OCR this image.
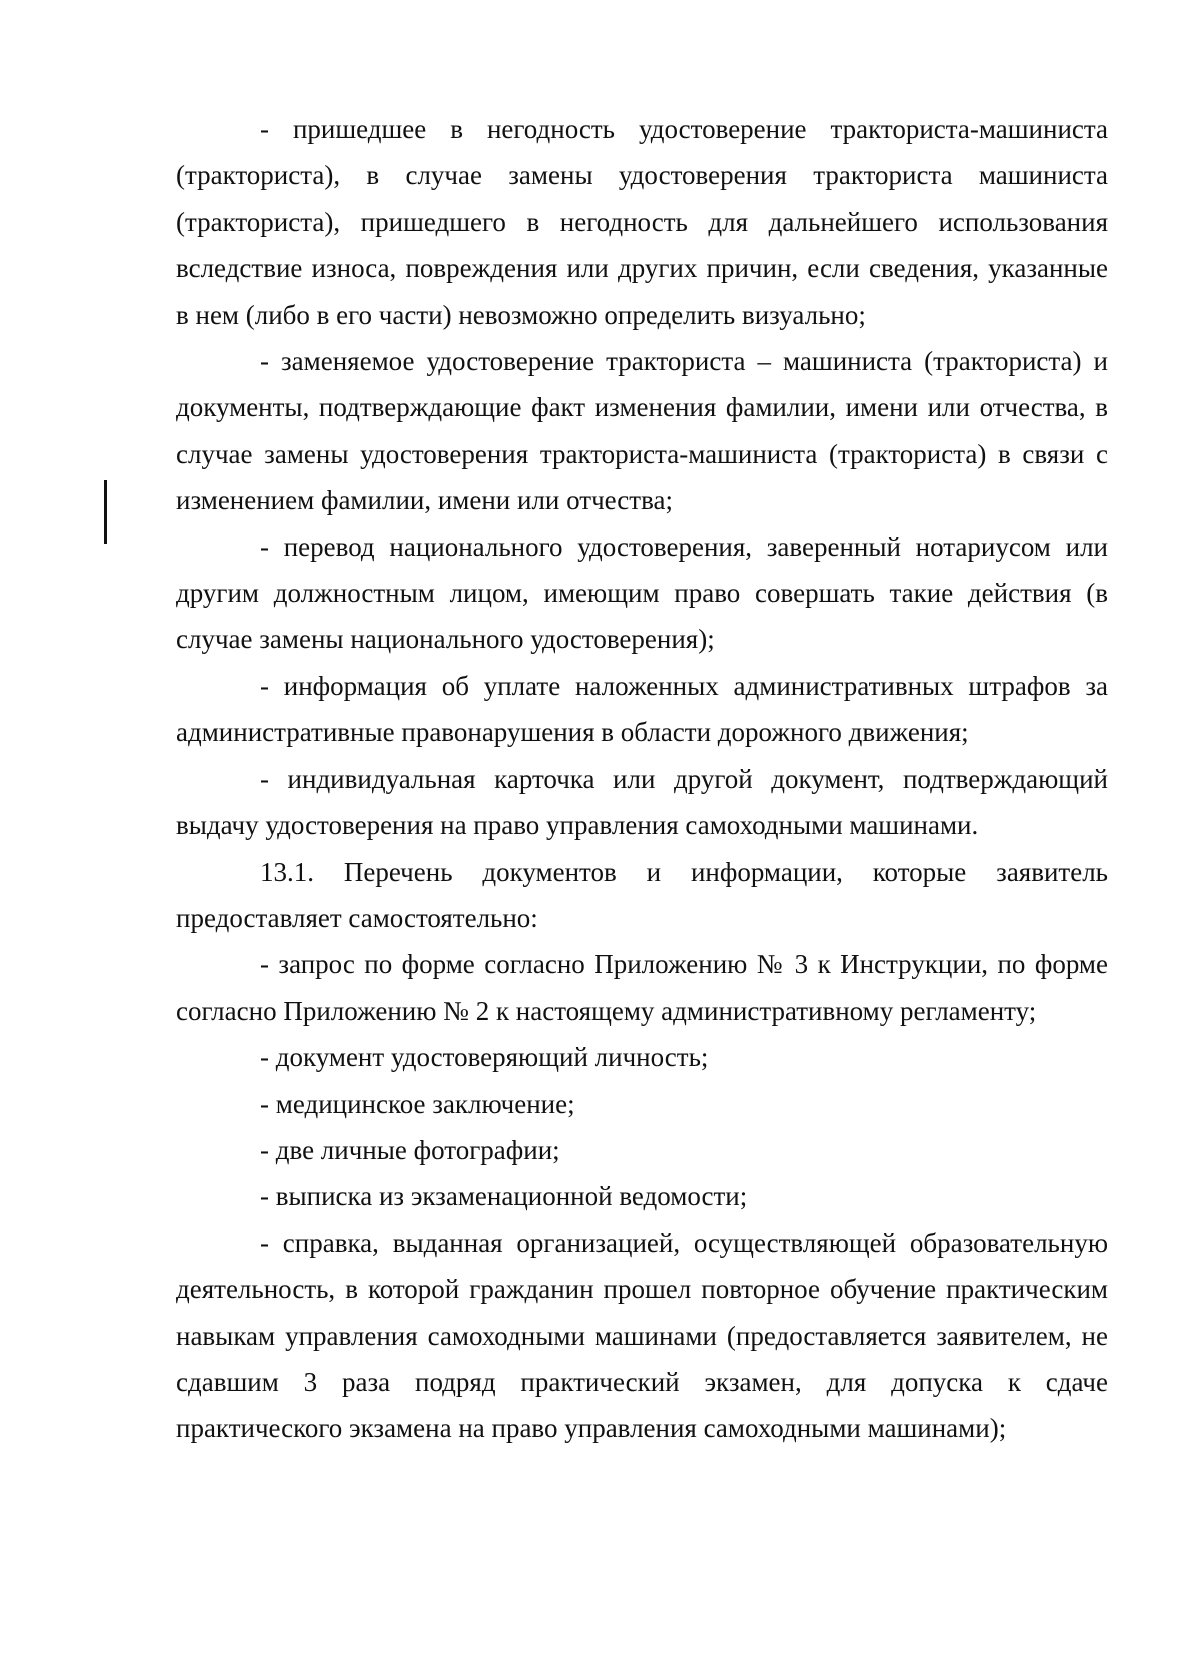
- пришедшее в негодность удостоверение тракториста-машиниста (тракториста), в случае замены удостоверения тракториста машиниста (тракториста), пришедшего в негодность для дальнейшего использования вследствие износа, повреждения или других причин, если сведения, указанные в нем (либо в его части) невозможно определить визуально;

- заменяемое удостоверение тракториста – машиниста (тракториста) и документы, подтверждающие факт изменения фамилии, имени или отчества, в случае замены удостоверения тракториста-машиниста (тракториста) в связи с изменением фамилии, имени или отчества;

- перевод национального удостоверения, заверенный нотариусом или другим должностным лицом, имеющим право совершать такие действия (в случае замены национального удостоверения);

- информация об уплате наложенных административных штрафов за административные правонарушения в области дорожного движения;

- индивидуальная карточка или другой документ, подтверждающий выдачу удостоверения на право управления самоходными машинами.

13.1. Перечень документов и информации, которые заявитель предоставляет самостоятельно:

- запрос по форме согласно Приложению № 3 к Инструкции, по форме согласно Приложению № 2 к настоящему административному регламенту;

- документ удостоверяющий личность;

- медицинское заключение;

- две личные фотографии;

- выписка из экзаменационной ведомости;

- справка, выданная организацией, осуществляющей образовательную деятельность, в которой гражданин прошел повторное обучение практическим навыкам управления самоходными машинами (предоставляется заявителем, не сдавшим 3 раза подряд практический экзамен, для допуска к сдаче практического экзамена на право управления самоходными машинами);
